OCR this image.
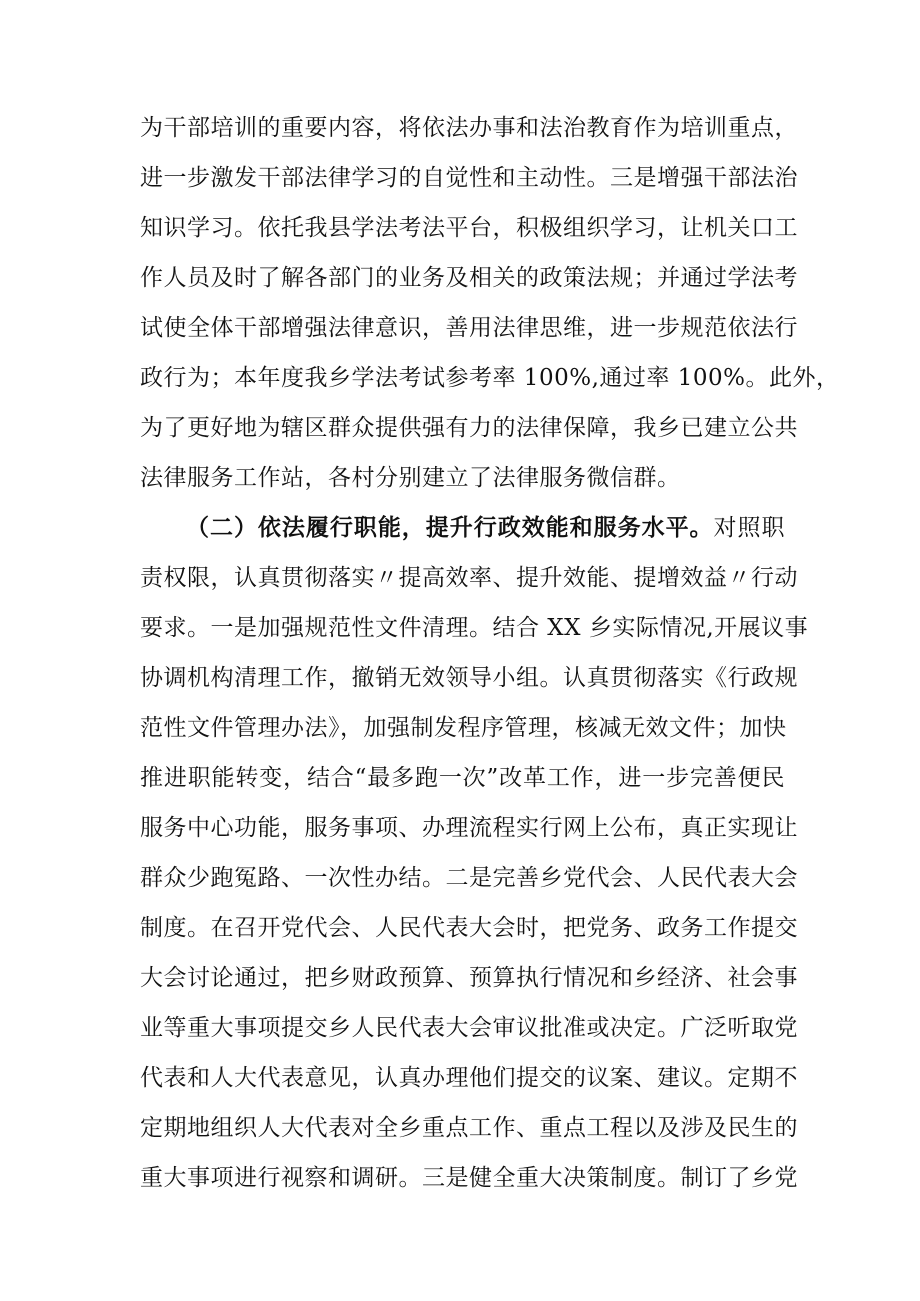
为干部培训的重要内容，将依法办事和法治教育作为培训重点，
进一步激发干部法律学习的自觉性和主动性。三是增强干部法治
知识学习。依托我县学法考法平台，积极组织学习，让机关口工
作人员及时了解各部门的业务及相关的政策法规；并通过学法考
试使全体干部增强法律意识，善用法律思维，进一步规范依法行
政行为；本年度我乡学法考试参考率 100%,通过率 100%。此外，
为了更好地为辖区群众提供强有力的法律保障，我乡已建立公共
法律服务工作站，各村分别建立了法律服务微信群。
（二）依法履行职能，提升行政效能和服务水平。对照职
责权限，认真贯彻落实〃提高效率、提升效能、提增效益〃行动
要求。一是加强规范性文件清理。结合 XX 乡实际情况,开展议事
协调机构清理工作，撤销无效领导小组。认真贯彻落实《行政规
范性文件管理办法》，加强制发程序管理，核减无效文件；加快
推进职能转变，结合“最多跑一次”改革工作，进一步完善便民
服务中心功能，服务事项、办理流程实行网上公布，真正实现让
群众少跑冤路、一次性办结。二是完善乡党代会、人民代表大会
制度。在召开党代会、人民代表大会时，把党务、政务工作提交
大会讨论通过，把乡财政预算、预算执行情况和乡经济、社会事
业等重大事项提交乡人民代表大会审议批准或决定。广泛听取党
代表和人大代表意见，认真办理他们提交的议案、建议。定期不
定期地组织人大代表对全乡重点工作、重点工程以及涉及民生的
重大事项进行视察和调研。三是健全重大决策制度。制订了乡党
